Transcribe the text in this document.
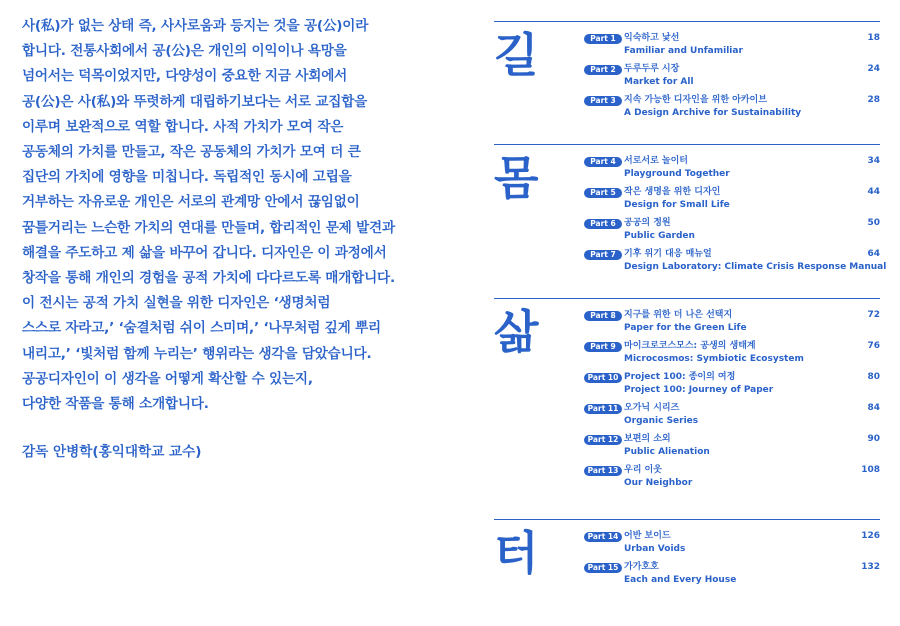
사(私)가 없는 상태 즉, 사사로움과 등지는 것을 공(公)이라

합니다. 전통사회에서 공(公)은 개인의 이익이나 욕망을

넘어서는 덕목이었지만, 다양성이 중요한 지금 사회에서

공(公)은 사(私)와 뚜렷하게 대립하기보다는 서로 교집합을

이루며 보완적으로 역할 합니다. 사적 가치가 모여 작은

공동체의 가치를 만들고, 작은 공동체의 가치가 모여 더 큰

집단의 가치에 영향을 미칩니다. 독립적인 동시에 고립을

거부하는 자유로운 개인은 서로의 관계망 안에서 끊임없이

꿈틀거리는 느슨한 가치의 연대를 만들며, 합리적인 문제 발견과

해결을 주도하고 제 삶을 바꾸어 갑니다. 디자인은 이 과정에서

창작을 통해 개인의 경험을 공적 가치에 다다르도록 매개합니다.

이 전시는 공적 가치 실현을 위한 디자인은 ‘생명처럼

스스로 자라고,’ ‘숨결처럼 쉬이 스미며,’ ‘나무처럼 깊게 뿌리

내리고,’ ‘빛처럼 함께 누리는’ 행위라는 생각을 담았습니다.

공공디자인이 이 생각을 어떻게 확산할 수 있는지,

다양한 작품을 통해 소개합니다.

감독 안병학(홍익대학교 교수)
길	Part 1 익숙하고 낯선
Familiar and Unfamiliar
18
Part 2 두루두루 시장
Market for All
24
Part 3 지속 가능한 디자인을 위한 아카이브
A Design Archive for Sustainability
28
몸	Part 4 서로서로 놀이터
Playground Together
34
Part 5 작은 생명을 위한 디자인
Design for Small Life
44
Part 6 공공의 정원
Public Garden
50
Part 7 기후 위기 대응 매뉴얼
Design Laboratory: Climate Crisis Response Manual
64
삶	Part 8 지구를 위한 더 나은 선택지
Paper for the Green Life
72
Part 9 마이크로코스모스: 공생의 생태계
Microcosmos: Symbiotic Ecosystem
76
Part 10 Project 100: 종이의 여정
Project 100: Journey of Paper
80
Part 11 오가닉 시리즈
Organic Series
84
Part 12 보편의 소외
Public Alienation
90
Part 13 우리 이웃
Our Neighbor
108
터	Part 14 어반 보이드
Urban Voids
126
Part 15 가가호호
Each and Every House
132
